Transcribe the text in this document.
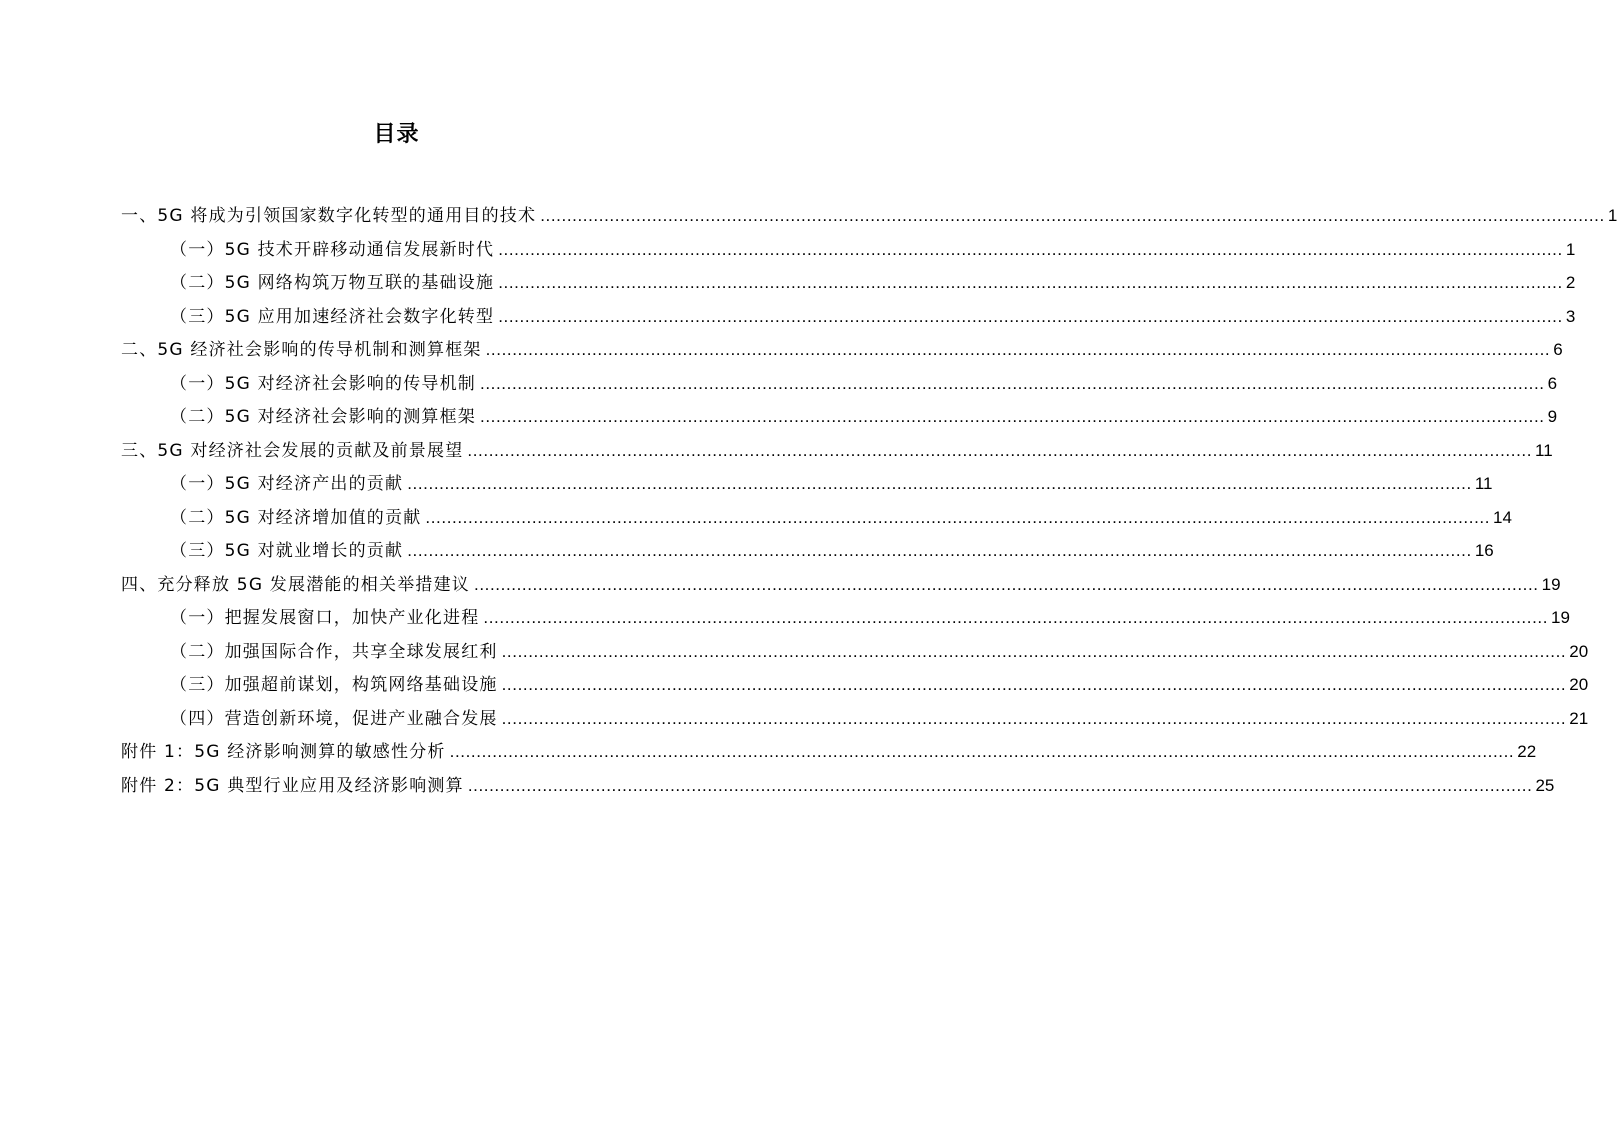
目录
一、5G 将成为引领国家数字化转型的通用目的技术 ........................................................................................................................................................................................................ 1
（一）5G 技术开辟移动通信发展新时代 ........................................................................................................................................................................................................ 1
（二）5G 网络构筑万物互联的基础设施 ........................................................................................................................................................................................................ 2
（三）5G 应用加速经济社会数字化转型 ........................................................................................................................................................................................................ 3
二、5G 经济社会影响的传导机制和测算框架 ........................................................................................................................................................................................................ 6
（一）5G 对经济社会影响的传导机制 ........................................................................................................................................................................................................ 6
（二）5G 对经济社会影响的测算框架 ........................................................................................................................................................................................................ 9
三、5G 对经济社会发展的贡献及前景展望 ........................................................................................................................................................................................................ 11
（一）5G 对经济产出的贡献 ........................................................................................................................................................................................................ 11
（二）5G 对经济增加值的贡献 ........................................................................................................................................................................................................ 14
（三）5G 对就业增长的贡献 ........................................................................................................................................................................................................ 16
四、充分释放 5G 发展潜能的相关举措建议 ........................................................................................................................................................................................................ 19
（一）把握发展窗口，加快产业化进程 ........................................................................................................................................................................................................ 19
（二）加强国际合作，共享全球发展红利 ........................................................................................................................................................................................................ 20
（三）加强超前谋划，构筑网络基础设施 ........................................................................................................................................................................................................ 20
（四）营造创新环境，促进产业融合发展 ........................................................................................................................................................................................................ 21
附件 1：5G 经济影响测算的敏感性分析 ........................................................................................................................................................................................................ 22
附件 2：5G 典型行业应用及经济影响测算 ........................................................................................................................................................................................................ 25
